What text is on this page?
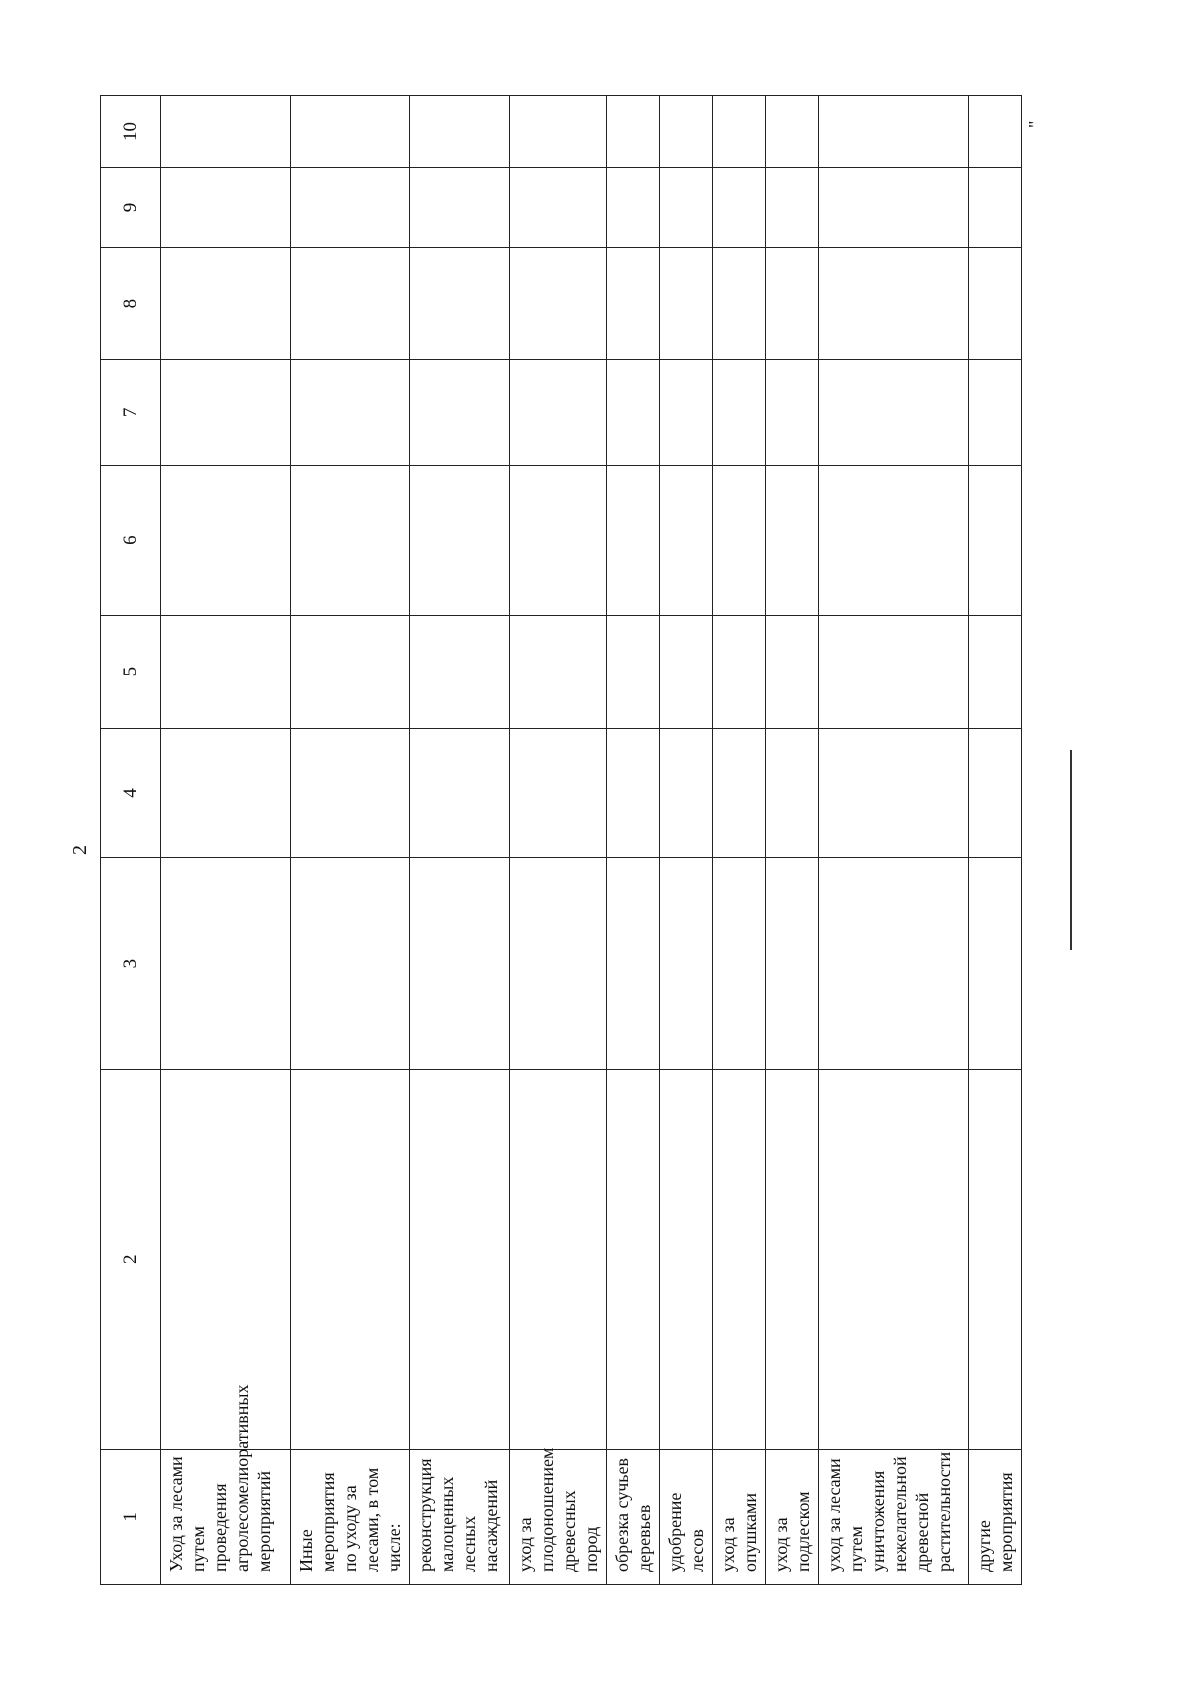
2
1	2	3	4	5	6	7	8	9	10
Уход за лесами путем проведения агролесомелиоративных мероприятий									
Иные мероприятия по уходу за лесами, в том числе:									
реконструкция малоценных лесных насаждений									
уход за плодоношением древесных пород									
обрезка сучьев деревьев									
удобрение лесов									
уход за опушками									
уход за подлеском									
уход за лесами путем уничтожения нежелательной древесной растительности									
другие мероприятия									
"
